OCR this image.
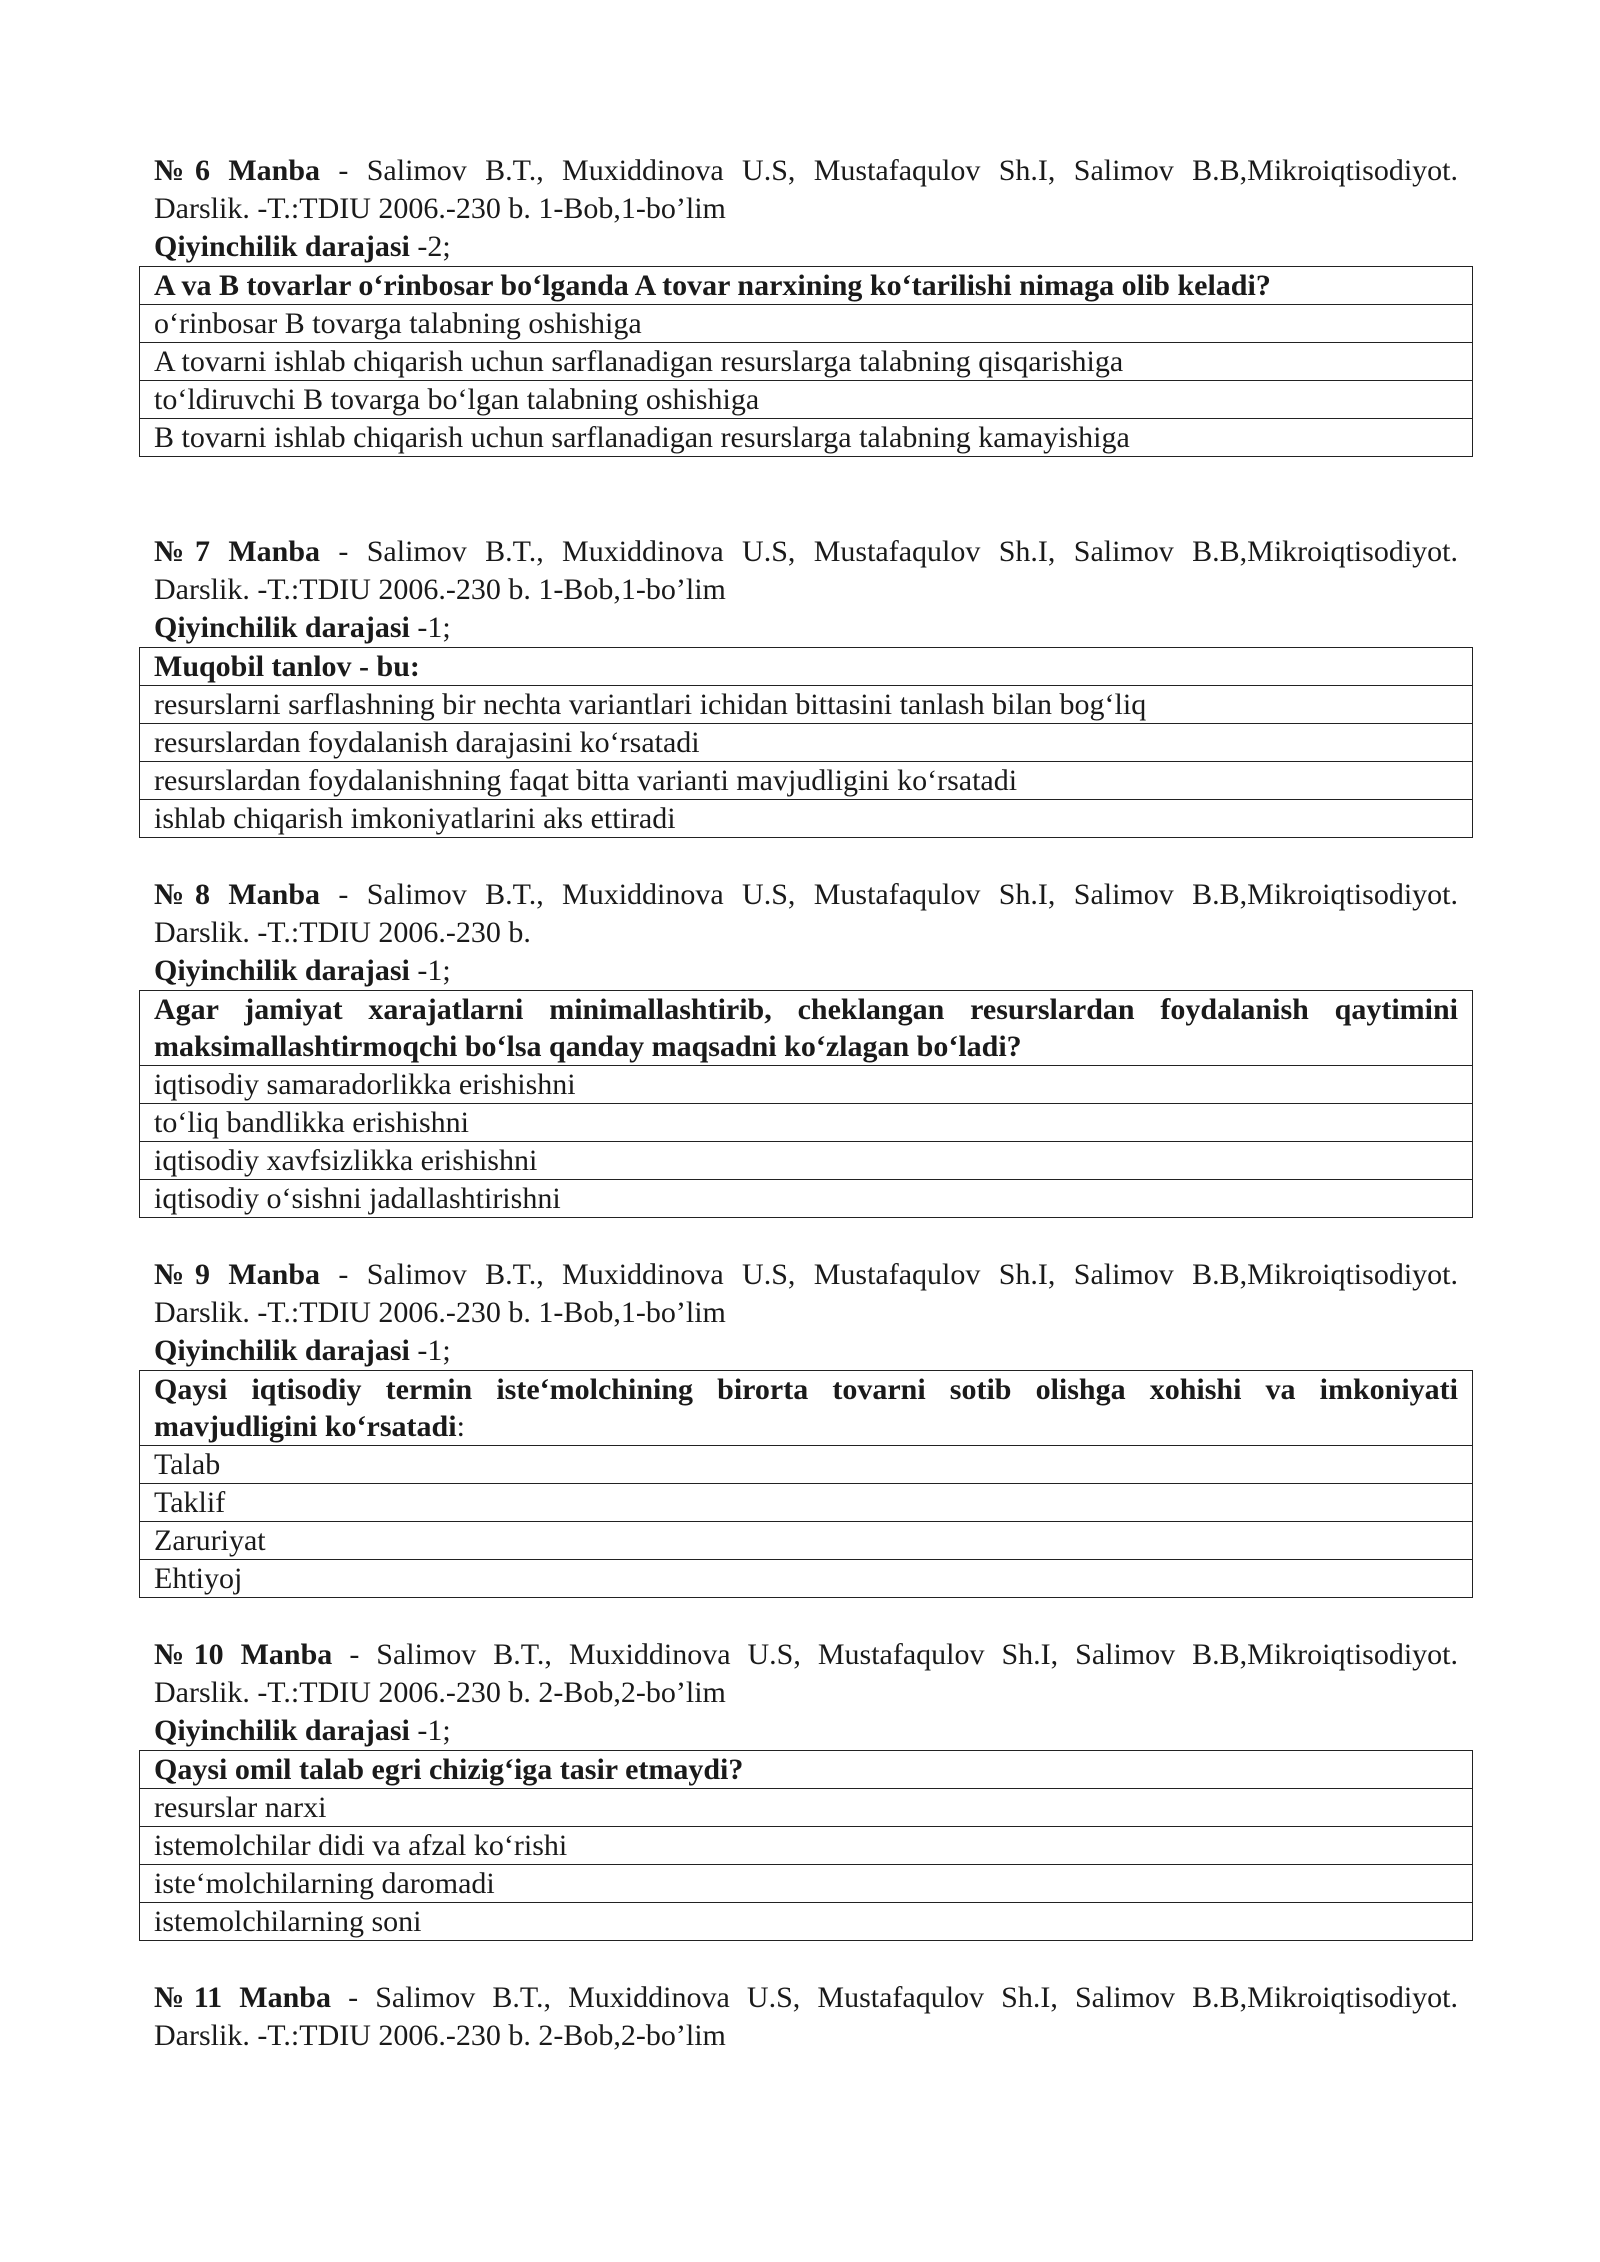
№6 Manba - Salimov B.T., Muxiddinova U.S, Mustafaqulov Sh.I, Salimov B.B,Mikroiqtisodiyot.

Darslik. -T.:TDIU 2006.-230 b. 1-Bob,1-bo’lim

Qiyinchilik darajasi -2;

A va B tovarlar o‘rinbosar bo‘lganda A tovar narxining ko‘tarilishi nimaga olib keladi?
o‘rinbosar B tovarga talabning oshishiga
A tovarni ishlab chiqarish uchun sarflanadigan resurslarga talabning qisqarishiga
to‘ldiruvchi B tovarga bo‘lgan talabning oshishiga
B tovarni ishlab chiqarish uchun sarflanadigan resurslarga talabning kamayishiga

№7 Manba - Salimov B.T., Muxiddinova U.S, Mustafaqulov Sh.I, Salimov B.B,Mikroiqtisodiyot.

Darslik. -T.:TDIU 2006.-230 b. 1-Bob,1-bo’lim

Qiyinchilik darajasi -1;

Muqobil tanlov - bu:
resurslarni sarflashning bir nechta variantlari ichidan bittasini tanlash bilan bog‘liq
resurslardan foydalanish darajasini ko‘rsatadi
resurslardan foydalanishning faqat bitta varianti mavjudligini ko‘rsatadi
ishlab chiqarish imkoniyatlarini aks ettiradi

№8 Manba - Salimov B.T., Muxiddinova U.S, Mustafaqulov Sh.I, Salimov B.B,Mikroiqtisodiyot.

Darslik. -T.:TDIU 2006.-230 b.

Qiyinchilik darajasi -1;

Agar jamiyat xarajatlarni minimallashtirib, cheklangan resurslardan foydalanish qaytimini maksimallashtirmoqchi bo‘lsa qanday maqsadni ko‘zlagan bo‘ladi?
iqtisodiy samaradorlikka erishishni
to‘liq bandlikka erishishni
iqtisodiy xavfsizlikka erishishni
iqtisodiy o‘sishni jadallashtirishni

№9 Manba - Salimov B.T., Muxiddinova U.S, Mustafaqulov Sh.I, Salimov B.B,Mikroiqtisodiyot.

Darslik. -T.:TDIU 2006.-230 b. 1-Bob,1-bo’lim

Qiyinchilik darajasi -1;

Qaysi iqtisodiy termin iste‘molchining birorta tovarni sotib olishga xohishi va imkoniyati mavjudligini ko‘rsatadi:
Talab
Taklif
Zaruriyat
Ehtiyoj

№10 Manba - Salimov B.T., Muxiddinova U.S, Mustafaqulov Sh.I, Salimov B.B,Mikroiqtisodiyot.

Darslik. -T.:TDIU 2006.-230 b. 2-Bob,2-bo’lim

Qiyinchilik darajasi -1;

Qaysi omil talab egri chizig‘iga tasir etmaydi?
resurslar narxi
istemolchilar didi va afzal ko‘rishi
iste‘molchilarning daromadi
istemolchilarning soni

№11 Manba - Salimov B.T., Muxiddinova U.S, Mustafaqulov Sh.I, Salimov B.B,Mikroiqtisodiyot.

Darslik. -T.:TDIU 2006.-230 b. 2-Bob,2-bo’lim
